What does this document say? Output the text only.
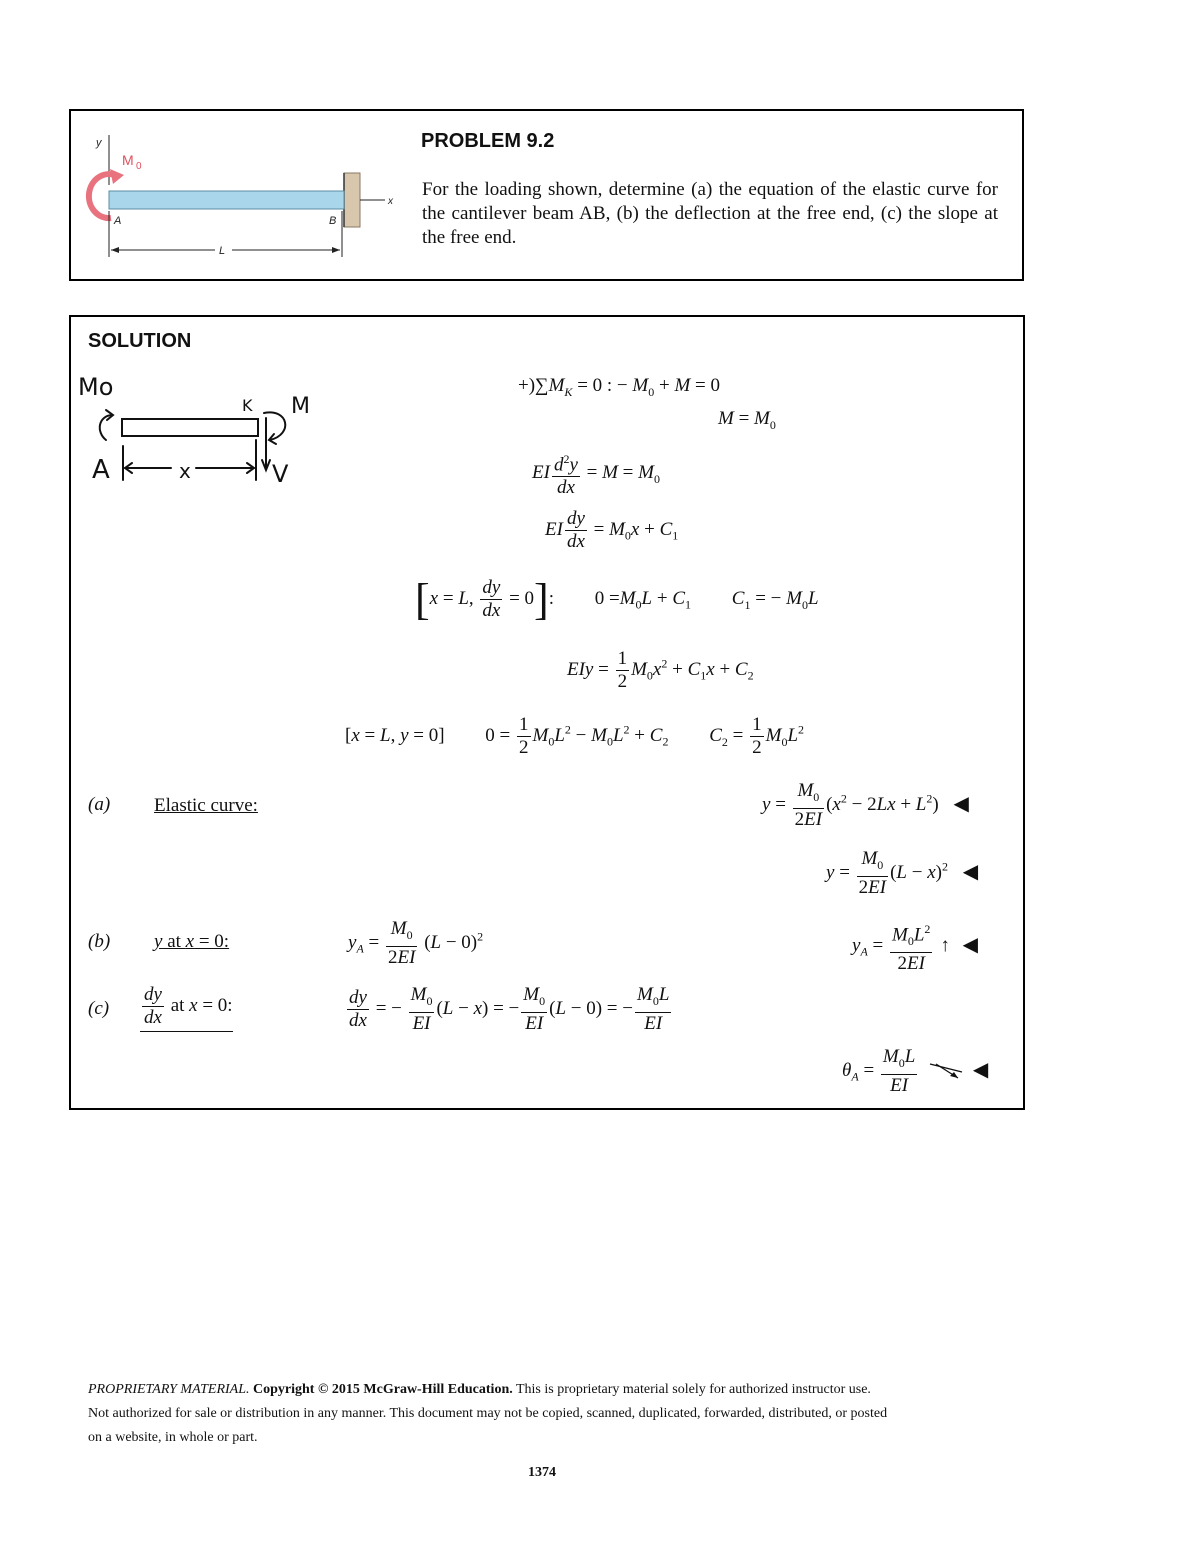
y
x
M 0
A	B
L
PROBLEM 9.2
For the loading shown, determine (a) the equation of the elastic curve for the cantilever beam AB, (b) the deflection at the free end, (c) the slope at the free end.
SOLUTION
Mo
K M
A	x	V
$+)\sum M_K = 0$ : − $M_0 + M = 0$
$M = M_0$
EI $\frac{d^2y}{dx} = M = M_0$
EI $\frac{dy}{dx} = M_0x + C_1$
[x = L, $\frac{dy}{dx} = 0$]: $0 =M_0L + C_1$ $C_1$ = − $M_0L$
EIy = $\frac{1}{2} M_0x^2 + C_1x + C_2$
[x = L, y = 0] $0 = \frac{1}{2} M_0L^2 - M_0L^2 + C_2$ $C_2 = \frac{1}{2} M_0L^2$
(a) Elastic curve:	$y = \frac{M_0}{2EI} (x^2 - 2Lx + L^2)$ ◀
$y = \frac{M_0}{2EI} (L - x)^2$ ◀
(b) y at x = 0:	$y_A = \frac{M_0}{2EI} (L - 0)^2$	$y_A = \frac{M_0L^2}{2EI}$ ↑ ◀
$(c) \frac{dy}{dx}$ at x = 0:	$\frac{dy}{dx}$ = − $\frac{M_0}{EI} (L - x)$ = − $\frac{M_0}{EI} (L - 0)$ = − $\frac{M_0L}{EI}$
$\theta_A = \frac{M_0L}{EI}$	◀
PROPRIETARY MATERIAL. Copyright © 2015 McGraw-Hill Education. This is proprietary material solely for authorized instructor use.
Not authorized for sale or distribution in any manner. This document may not be copied, scanned, duplicated, forwarded, distributed, or posted
on a website, in whole or part.
1374
